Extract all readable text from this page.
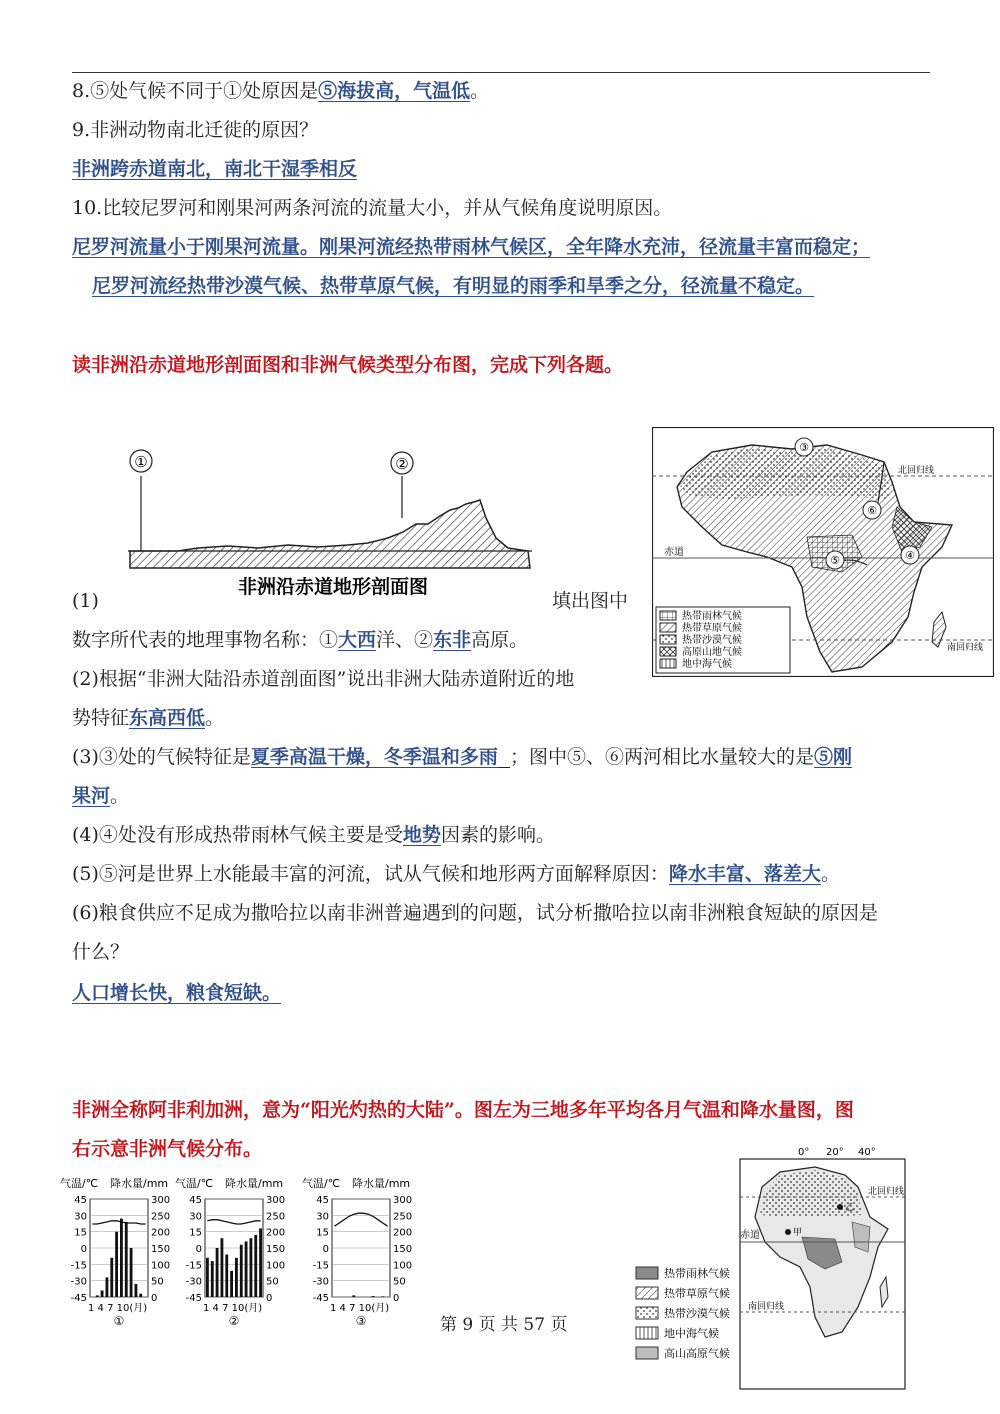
8.⑤处气候不同于①处原因是⑤海拔高，气温低。
9.非洲动物南北迁徙的原因？
非洲跨赤道南北，南北干湿季相反
10.比较尼罗河和刚果河两条河流的流量大小，并从气候角度说明原因。
尼罗河流量小于刚果河流量。刚果河流经热带雨林气候区，全年降水充沛，径流量丰富而稳定；
尼罗河流经热带沙漠气候、热带草原气候，有明显的雨季和旱季之分，径流量不稳定。
读非洲沿赤道地形剖面图和非洲气候类型分布图，完成下列各题。
①	②
非洲沿赤道地形剖面图
北回归线
赤道
南回归线
③
⑥
⑤	④
热带雨林气候
热带草原气候
热带沙漠气候
高原山地气候
地中海气候
(1)	填出图中
数字所代表的地理事物名称：①大西洋、②东非高原。
(2)根据“非洲大陆沿赤道剖面图”说出非洲大陆赤道附近的地
势特征东高西低。
(3)③处的气候特征是夏季高温干燥，冬季温和多雨 ；图中⑤、⑥两河相比水量较大的是⑤刚
果河。
(4)④处没有形成热带雨林气候主要是受地势因素的影响。
(5)⑤河是世界上水能最丰富的河流，试从气候和地形两方面解释原因：降水丰富、落差大。
(6)粮食供应不足成为撒哈拉以南非洲普遍遇到的问题，试分析撒哈拉以南非洲粮食短缺的原因是
什么？
人口增长快，粮食短缺。
非洲全称阿非利加洲，意为“阳光灼热的大陆”。图左为三地多年平均各月气温和降水量图，图
右示意非洲气候分布。
气温/℃ 降水量/mm
45	300
30	250
15	200
0	150
-15	100
-30	50
-45	0
1 4 7 10(月)
①
气温/℃ 降水量/mm
45	300
30	250
15	200
0	150
-15	100
-30	50
-45	0
1 4 7 10(月)
②
气温/℃ 降水量/mm
45	300
30	250
15	200
0	150
-15	100
-30	50
-45	0
1 4 7 10(月)
③
0° 20° 40°
北回归线
赤道
南回归线
甲
乙
热带雨林气候
热带草原气候
热带沙漠气候
地中海气候
高山高原气候
第 9 页 共 57 页
